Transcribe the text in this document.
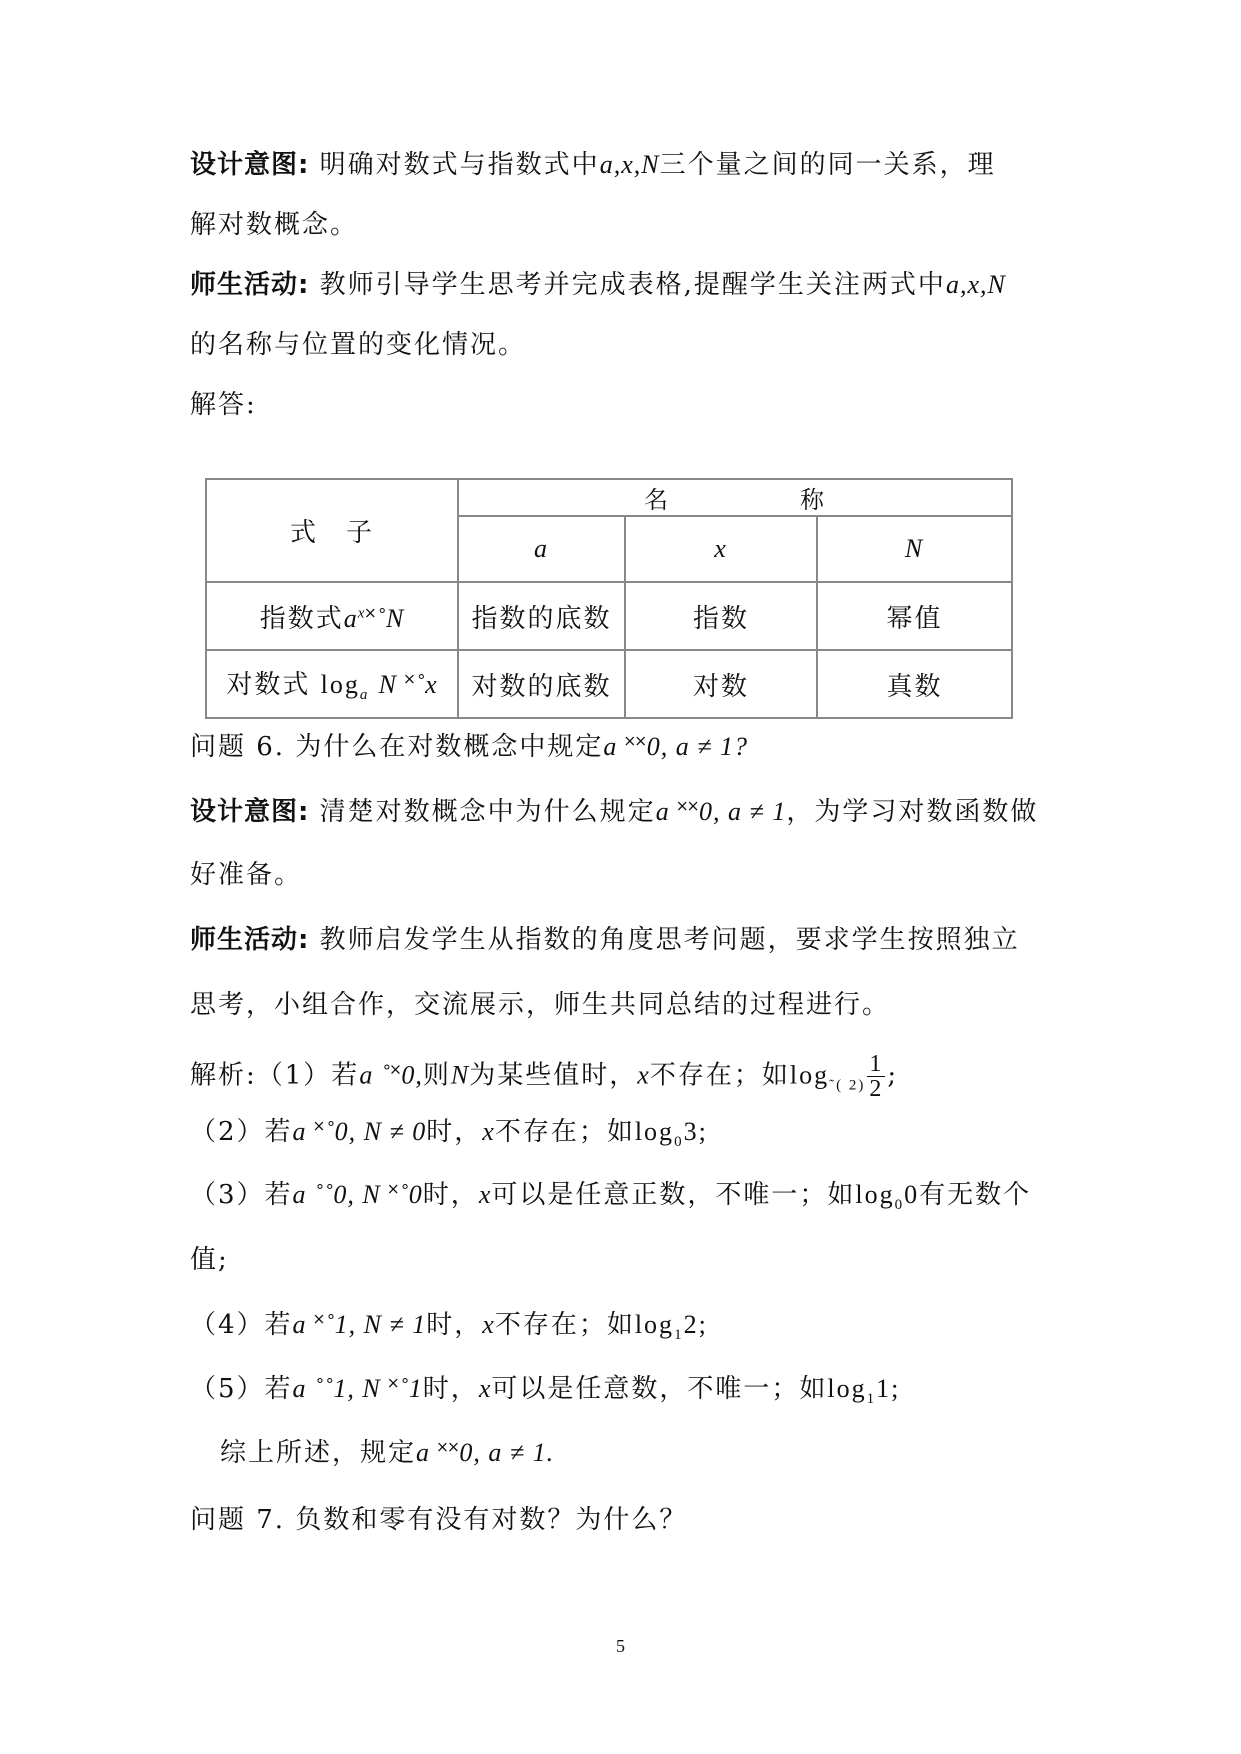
设计意图: 明确对数式与指数式中a,x,N三个量之间的同一关系，理
解对数概念。
师生活动: 教师引导学生思考并完成表格,提醒学生关注两式中a,x,N
的名称与位置的变化情况。
解答:
式　子	名　　　　　称		
	a	x	N
指数式$a^x˟˚N$	指数的底数	指数	幂值
对数式 $\log_a N$ ˟˚x	对数的底数	对数	真数
问题 6. 为什么在对数概念中规定a ˟˟0, a ≠ 1?
设计意图: 清楚对数概念中为什么规定a ˟˟0, a ≠ 1，为学习对数函数做
好准备。
师生活动: 教师启发学生从指数的角度思考问题，要求学生按照独立
思考，小组合作，交流展示，师生共同总结的过程进行。
解析:（1）若a ˚˟0,则N为某些值时，x不存在；如$\log_{˜( 2)} \frac{1}{2}$ ;
（2）若a ˟˚0, N ≠ 0时，x不存在；如$\log_03$;
（3）若a ˚˚0, N ˟˚0时，x可以是任意正数，不唯一；如$\log_00$有无数个
值;
（4）若a ˟˚1, N ≠ 1时，x不存在；如$\log_12$;
（5）若a ˚˚1, N ˟˚1时，x可以是任意数，不唯一；如$\log_11$;
综上所述，规定a ˟˟0, a ≠ 1.
问题 7. 负数和零有没有对数？为什么？
5
